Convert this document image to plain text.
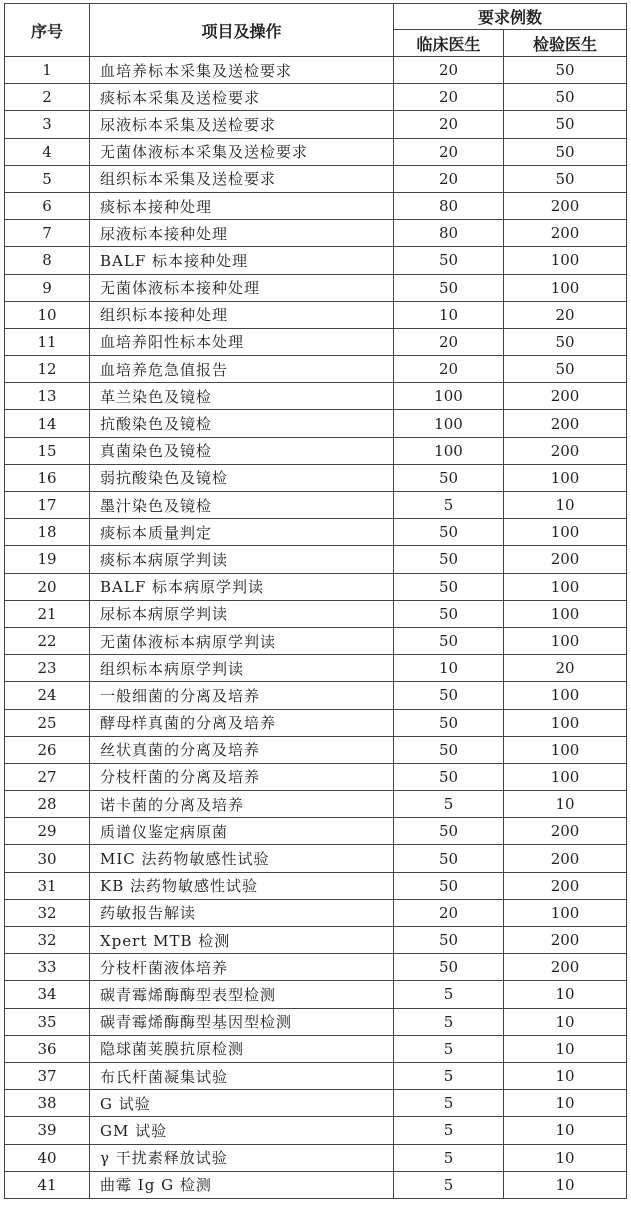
序号	项目及操作	要求例数	
		临床医生	检验医生
1	血培养标本采集及送检要求	20	50
2	痰标本采集及送检要求	20	50
3	尿液标本采集及送检要求	20	50
4	无菌体液标本采集及送检要求	20	50
5	组织标本采集及送检要求	20	50
6	痰标本接种处理	80	200
7	尿液标本接种处理	80	200
8	BALF 标本接种处理	50	100
9	无菌体液标本接种处理	50	100
10	组织标本接种处理	10	20
11	血培养阳性标本处理	20	50
12	血培养危急值报告	20	50
13	革兰染色及镜检	100	200
14	抗酸染色及镜检	100	200
15	真菌染色及镜检	100	200
16	弱抗酸染色及镜检	50	100
17	墨汁染色及镜检	5	10
18	痰标本质量判定	50	100
19	痰标本病原学判读	50	200
20	BALF 标本病原学判读	50	100
21	尿标本病原学判读	50	100
22	无菌体液标本病原学判读	50	100
23	组织标本病原学判读	10	20
24	一般细菌的分离及培养	50	100
25	酵母样真菌的分离及培养	50	100
26	丝状真菌的分离及培养	50	100
27	分枝杆菌的分离及培养	50	100
28	诺卡菌的分离及培养	5	10
29	质谱仪鉴定病原菌	50	200
30	MIC 法药物敏感性试验	50	200
31	KB 法药物敏感性试验	50	200
32	药敏报告解读	20	100
32	Xpert MTB 检测	50	200
33	分枝杆菌液体培养	50	200
34	碳青霉烯酶酶型表型检测	5	10
35	碳青霉烯酶酶型基因型检测	5	10
36	隐球菌荚膜抗原检测	5	10
37	布氏杆菌凝集试验	5	10
38	G 试验	5	10
39	GM 试验	5	10
40	γ 干扰素释放试验	5	10
41	曲霉 Ig G 检测	5	10
